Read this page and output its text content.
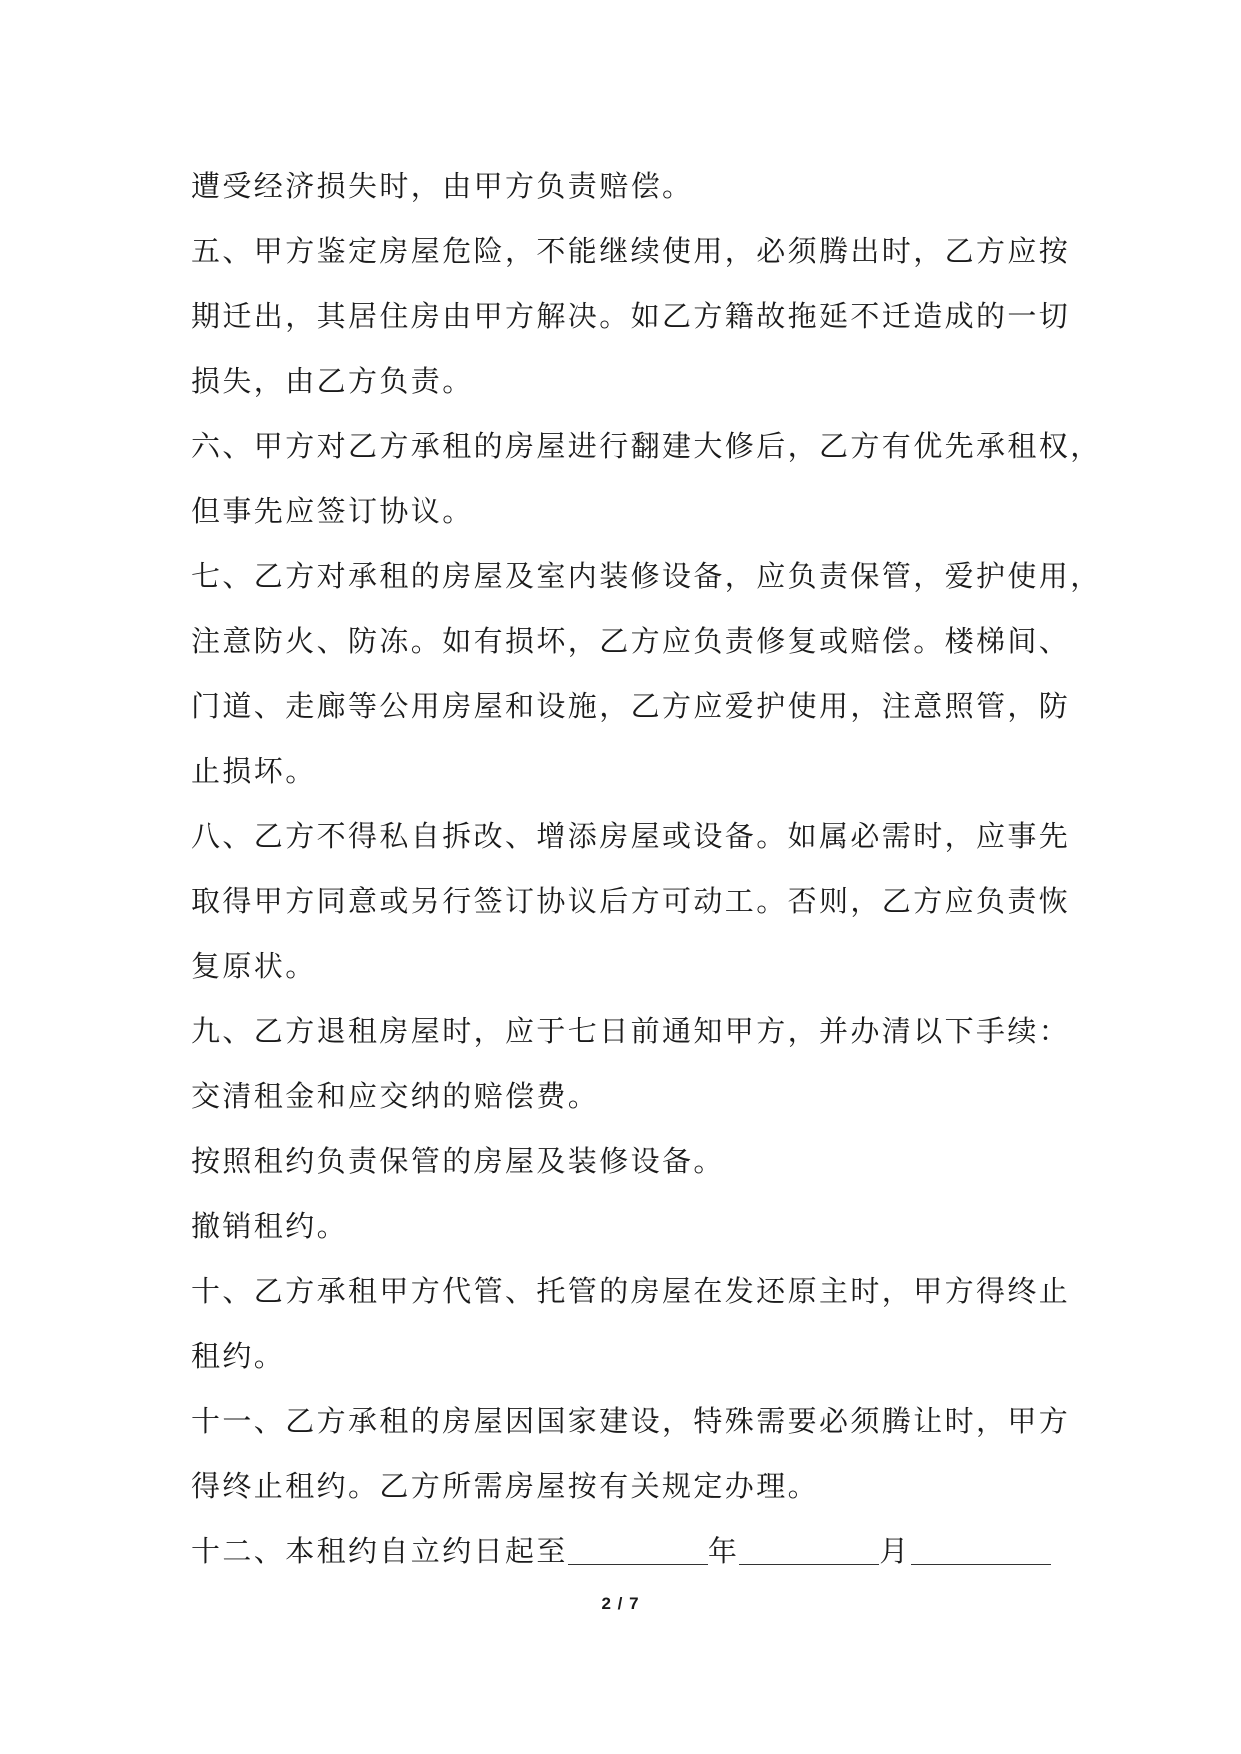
遭受经济损失时，由甲方负责赔偿。
五、甲方鉴定房屋危险，不能继续使用，必须腾出时，乙方应按
期迁出，其居住房由甲方解决。如乙方籍故拖延不迁造成的一切
损失，由乙方负责。
六、甲方对乙方承租的房屋进行翻建大修后，乙方有优先承租权，
但事先应签订协议。
七、乙方对承租的房屋及室内装修设备，应负责保管，爱护使用，
注意防火、防冻。如有损坏，乙方应负责修复或赔偿。楼梯间、
门道、走廊等公用房屋和设施，乙方应爱护使用，注意照管，防
止损坏。
八、乙方不得私自拆改、增添房屋或设备。如属必需时，应事先
取得甲方同意或另行签订协议后方可动工。否则，乙方应负责恢
复原状。
九、乙方退租房屋时，应于七日前通知甲方，并办清以下手续：
交清租金和应交纳的赔偿费。
按照租约负责保管的房屋及装修设备。
撤销租约。
十、乙方承租甲方代管、托管的房屋在发还原主时，甲方得终止
租约。
十一、乙方承租的房屋因国家建设，特殊需要必须腾让时，甲方
得终止租约。乙方所需房屋按有关规定办理。
十二、本租约自立约日起至	年	月
2 / 7
